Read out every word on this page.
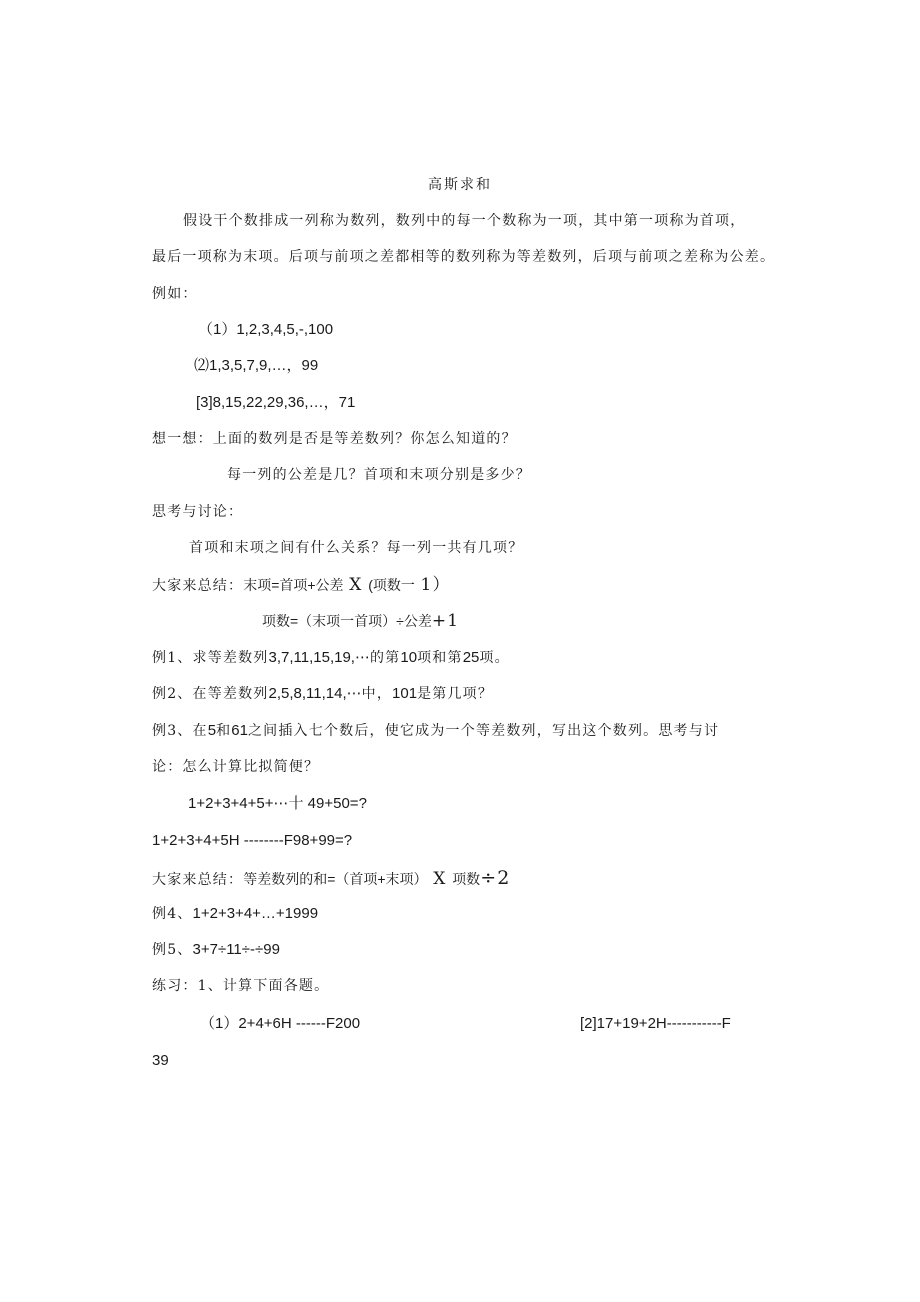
高斯求和
假设干个数排成一列称为数列，数列中的每一个数称为一项，其中第一项称为首项，
最后一项称为末项。后项与前项之差都相等的数列称为等差数列，后项与前项之差称为公差。
例如：
（1）1,2,3,4,5,-,100
⑵1,3,5,7,9,…，99
[3]8,15,22,29,36,…，71
想一想：上面的数列是否是等差数列？你怎么知道的？
每一列的公差是几？首项和末项分别是多少？
思考与讨论：
首项和末项之间有什么关系？每一列一共有几项？
大家来总结：末项=首项+公差 X (项数一 1）
项数=（末项一首项）÷公差+1
例1、求等差数列3,7,11,15,19,⋯的第10项和第25项。
例2、在等差数列2,5,8,11,14,⋯中，101是第几项？
例3、在5和61之间插入七个数后，使它成为一个等差数列，写出这个数列。思考与讨
论：怎么计算比拟简便？
1+2+3+4+5+⋯十 49+50=?
1+2+3+4+5H --------F98+99=?
大家来总结：等差数列的和=（首项+末项） X 项数÷2
例4、1+2+3+4+…+1999
例5、3+7÷11÷-÷99
练习：1、计算下面各题。
（1）2+4+6H ------F200	[2]17+19+2H-----------F
39
